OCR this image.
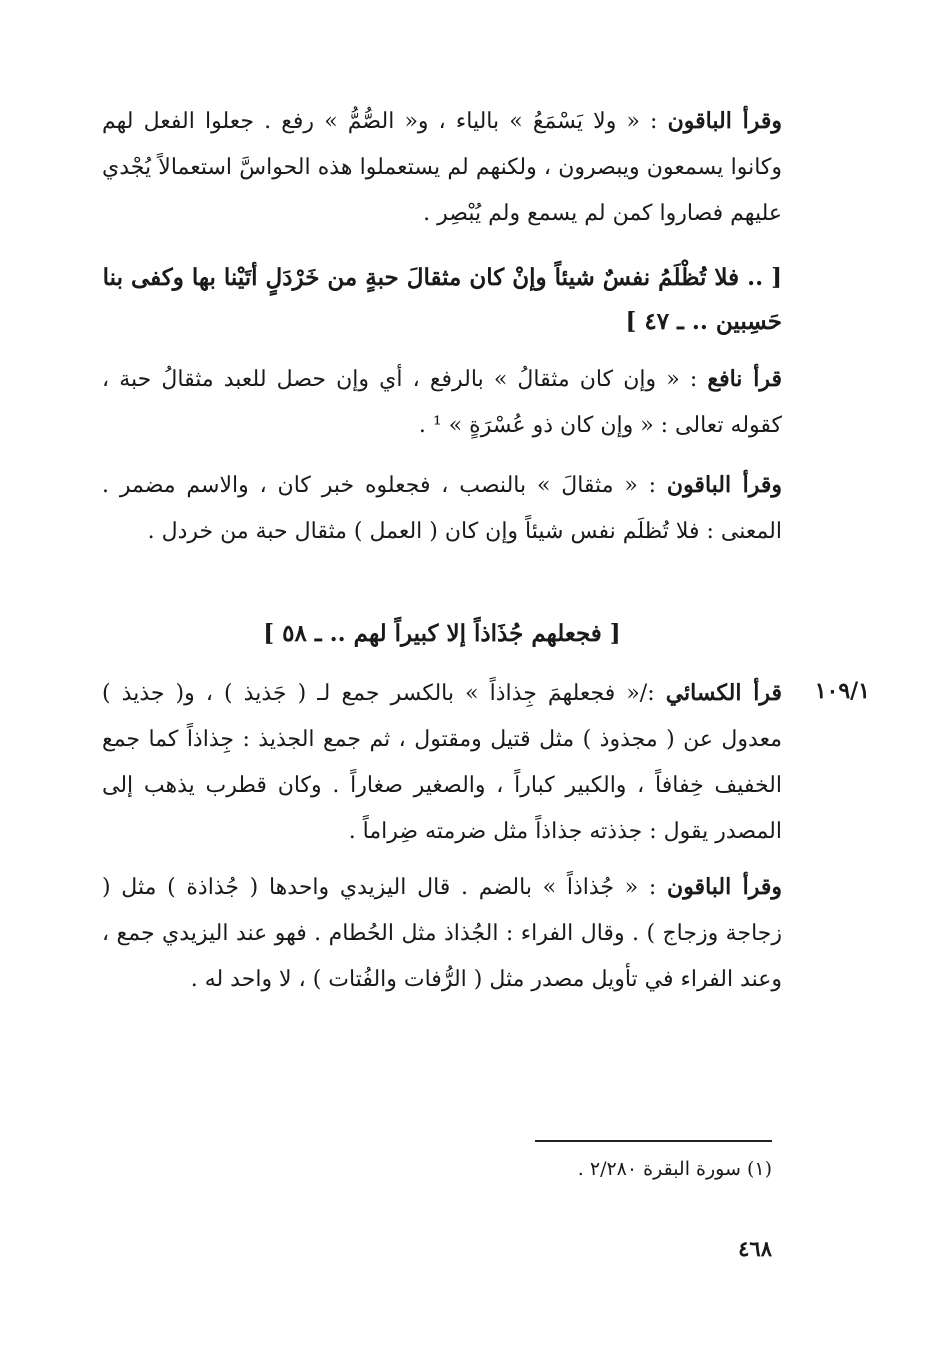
وقرأ الباقون : « ولا يَسْمَعُ » بالياء ، و« الصُّمُّ » رفع . جعلوا الفعل لهم وكانوا يسمعون ويبصرون ، ولكنهم لم يستعملوا هذه الحواسَّ استعمالاً يُجْدي عليهم فصاروا كمن لم يسمع ولم يُبْصِر .
[ .. فلا تُظْلَمُ نفسٌ شيئاً وإنْ كان مثقالَ حبةٍ من خَرْدَلٍ أتَيْنا بها وكفى بنا حَسِبين .. ـ ٤٧ ]
قرأ نافع : « وإن كان مثقالُ » بالرفع ، أي وإن حصل للعبد مثقالُ حبة ، كقوله تعالى : « وإن كان ذو عُسْرَةٍ » ¹ .
وقرأ الباقون : « مثقالَ » بالنصب ، فجعلوه خبر كان ، والاسم مضمر . المعنى : فلا تُظلَم نفس شيئاً وإن كان ( العمل ) مثقال حبة من خردل .
[ فجعلهم جُذَاذاً إلا كبيراً لهم .. ـ ٥٨ ]
١٠٩/١
قرأ الكسائي :/« فجعلهمَ جِذاذاً » بالكسر جمع لـ ( جَذيذ ) ، و( جذيذ ) معدول عن ( مجذوذ ) مثل قتيل ومقتول ، ثم جمع الجذيذ : جِذاذاً كما جمع الخفيف خِفافاً ، والكبير كباراً ، والصغير صغاراً . وكان قطرب يذهب إلى المصدر يقول : جذذته جذاذاً مثل ضرمته ضِراماً .
وقرأ الباقون : « جُذاذاً » بالضم . قال اليزيدي واحدها ( جُذاذة ) مثل ( زجاجة وزجاج ) . وقال الفراء : الجُذاذ مثل الحُطام . فهو عند اليزيدي جمع ، وعند الفراء في تأويل مصدر مثل ( الرُّفات والفُتات ) ، لا واحد له .
(١) سورة البقرة ٢/٢٨٠ .
٤٦٨
